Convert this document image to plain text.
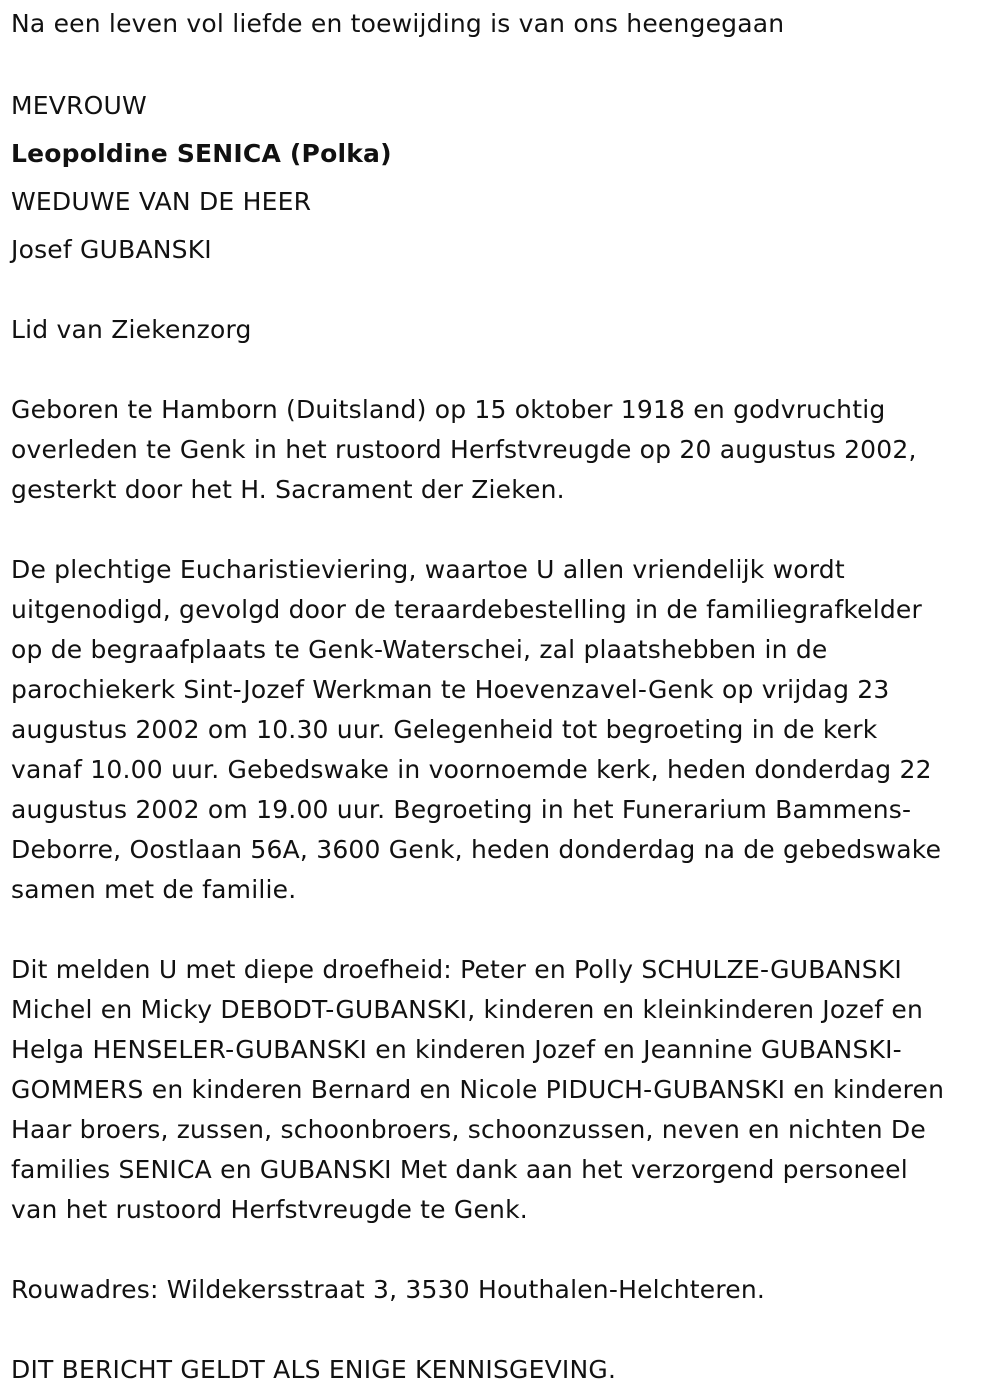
Na een leven vol liefde en toewijding is van ons heengegaan
MEVROUW
Leopoldine SENICA (Polka)
WEDUWE VAN DE HEER
Josef GUBANSKI
Lid van Ziekenzorg
Geboren te Hamborn (Duitsland) op 15 oktober 1918 en godvruchtig
overleden te Genk in het rustoord Herfstvreugde op 20 augustus 2002,
gesterkt door het H. Sacrament der Zieken.
De plechtige Eucharistieviering, waartoe U allen vriendelijk wordt
uitgenodigd, gevolgd door de teraardebestelling in de familiegrafkelder
op de begraafplaats te Genk-Waterschei, zal plaatshebben in de
parochiekerk Sint-Jozef Werkman te Hoevenzavel-Genk op vrijdag 23
augustus 2002 om 10.30 uur. Gelegenheid tot begroeting in de kerk
vanaf 10.00 uur. Gebedswake in voornoemde kerk, heden donderdag 22
augustus 2002 om 19.00 uur. Begroeting in het Funerarium Bammens-
Deborre, Oostlaan 56A, 3600 Genk, heden donderdag na de gebedswake
samen met de familie.
Dit melden U met diepe droefheid: Peter en Polly SCHULZE-GUBANSKI
Michel en Micky DEBODT-GUBANSKI, kinderen en kleinkinderen Jozef en
Helga HENSELER-GUBANSKI en kinderen Jozef en Jeannine GUBANSKI-
GOMMERS en kinderen Bernard en Nicole PIDUCH-GUBANSKI en kinderen
Haar broers, zussen, schoonbroers, schoonzussen, neven en nichten De
families SENICA en GUBANSKI Met dank aan het verzorgend personeel
van het rustoord Herfstvreugde te Genk.
Rouwadres: Wildekersstraat 3, 3530 Houthalen-Helchteren.
DIT BERICHT GELDT ALS ENIGE KENNISGEVING.
